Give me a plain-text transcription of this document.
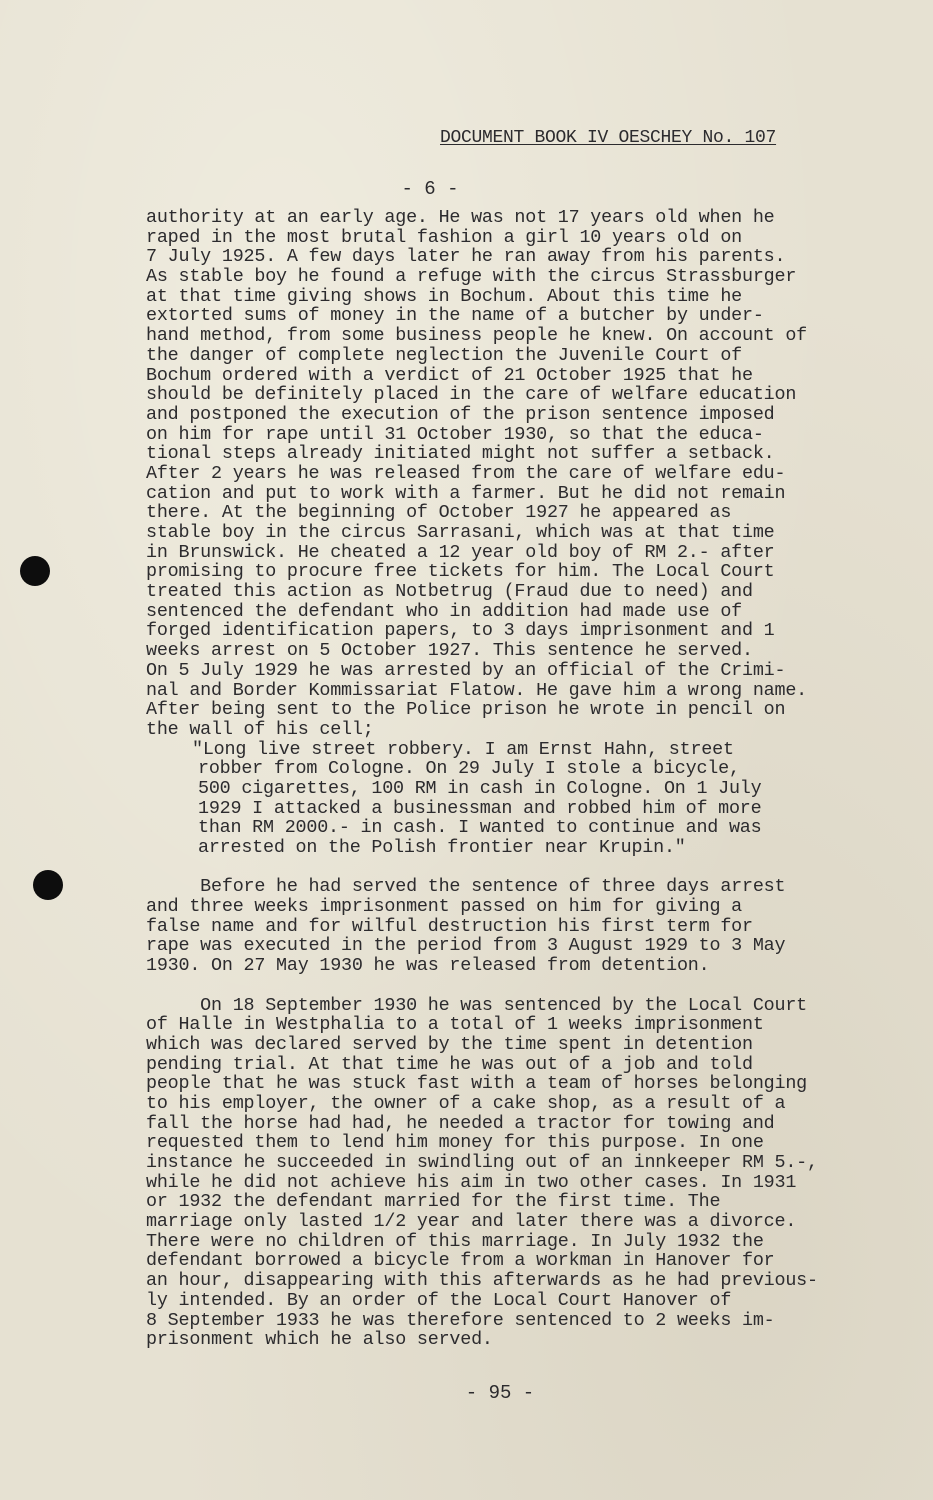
DOCUMENT BOOK IV OESCHEY No. 107
- 6 -
authority at an early age. He was not 17 years old when he
raped in the most brutal fashion a girl 10 years old on
7 July 1925. A few days later he ran away from his parents.
As stable boy he found a refuge with the circus Strassburger
at that time giving shows in Bochum. About this time he
extorted sums of money in the name of a butcher by under-
hand method, from some business people he knew. On account of
the danger of complete neglection the Juvenile Court of
Bochum ordered with a verdict of 21 October 1925 that he
should be definitely placed in the care of welfare education
and postponed the execution of the prison sentence imposed
on him for rape until 31 October 1930, so that the educa-
tional steps already initiated might not suffer a setback.
After 2 years he was released from the care of welfare edu-
cation and put to work with a farmer. But he did not remain
there. At the beginning of October 1927 he appeared as
stable boy in the circus Sarrasani, which was at that time
in Brunswick. He cheated a 12 year old boy of RM 2.- after
promising to procure free tickets for him. The Local Court
treated this action as Notbetrug (Fraud due to need) and
sentenced the defendant who in addition had made use of
forged identification papers, to 3 days imprisonment and 1
weeks arrest on 5 October 1927. This sentence he served.
On 5 July 1929 he was arrested by an official of the Crimi-
nal and Border Kommissariat Flatow. He gave him a wrong name.
After being sent to the Police prison he wrote in pencil on
the wall of his cell;
"Long live street robbery. I am Ernst Hahn, street
robber from Cologne. On 29 July I stole a bicycle,
500 cigarettes, 100 RM in cash in Cologne. On 1 July
1929 I attacked a businessman and robbed him of more
than RM 2000.- in cash. I wanted to continue and was
arrested on the Polish frontier near Krupin."
Before he had served the sentence of three days arrest
and three weeks imprisonment passed on him for giving a
false name and for wilful destruction his first term for
rape was executed in the period from 3 August 1929 to 3 May
1930. On 27 May 1930 he was released from detention.
On 18 September 1930 he was sentenced by the Local Court
of Halle in Westphalia to a total of 1 weeks imprisonment
which was declared served by the time spent in detention
pending trial. At that time he was out of a job and told
people that he was stuck fast with a team of horses belonging
to his employer, the owner of a cake shop, as a result of a
fall the horse had had, he needed a tractor for towing and
requested them to lend him money for this purpose. In one
instance he succeeded in swindling out of an innkeeper RM 5.-,
while he did not achieve his aim in two other cases. In 1931
or 1932 the defendant married for the first time. The
marriage only lasted 1/2 year and later there was a divorce.
There were no children of this marriage. In July 1932 the
defendant borrowed a bicycle from a workman in Hanover for
an hour, disappearing with this afterwards as he had previous-
ly intended. By an order of the Local Court Hanover of
8 September 1933 he was therefore sentenced to 2 weeks im-
prisonment which he also served.
- 95 -
